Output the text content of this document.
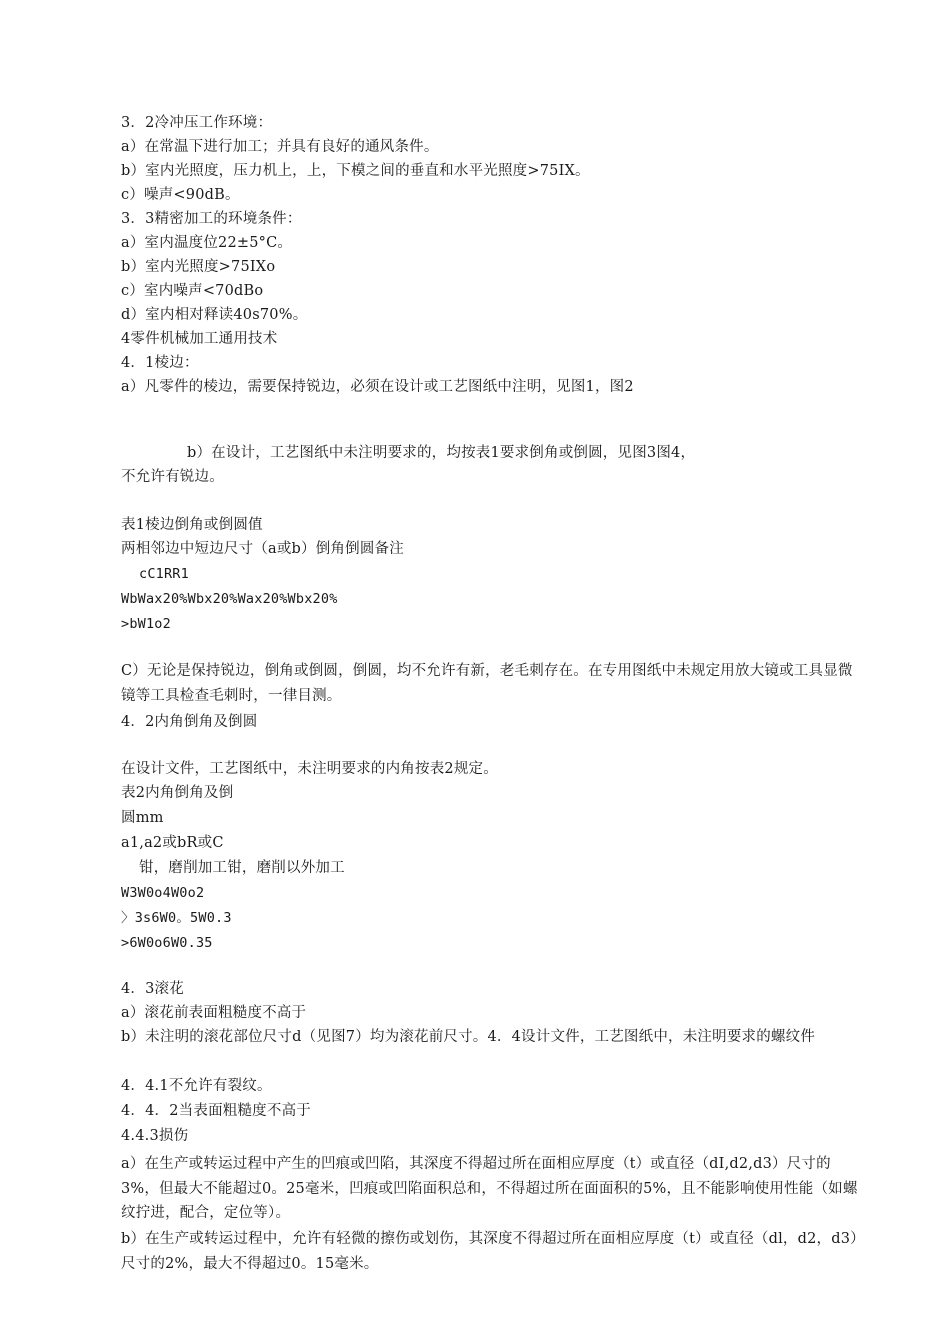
3．2冷冲压工作环境：
a）在常温下进行加工；并具有良好的通风条件。
b）室内光照度，压力机上，上，下模之间的垂直和水平光照度>75IX。
c）噪声<90dB。
3．3精密加工的环境条件：
a）室内温度位22±5°C。
b）室内光照度>75IXo
c）室内噪声<70dBo
d）室内相对释读40s70%。
4零件机械加工通用技术
4．1棱边：
a）凡零件的棱边，需要保持锐边，必须在设计或工艺图纸中注明，见图1，图2
b）在设计，工艺图纸中未注明要求的，均按表1要求倒角或倒圆，见图3图4，
不允许有锐边。
表1棱边倒角或倒圆值
两相邻边中短边尺寸（a或b）倒角倒圆备注
cC1RR1
WbWax20%Wbx20%Wax20%Wbx20%
>bW1o2
C）无论是保持锐边，倒角或倒圆，倒圆，均不允许有新，老毛刺存在。在专用图纸中未规定用放大镜或工具显微镜等工具检查毛刺时，一律目测。
4．2内角倒角及倒圆
在设计文件，工艺图纸中，未注明要求的内角按表2规定。
表2内角倒角及倒
圆mm
a1,a2或bR或C
钳，磨削加工钳，磨削以外加工
W3W0o4W0o2
〉3s6W0。5W0.3
>6W0o6W0.35
4．3滚花
a）滚花前表面粗糙度不高于
b）未注明的滚花部位尺寸d（见图7）均为滚花前尺寸。4．4设计文件，工艺图纸中，未注明要求的螺纹件
4．4.1不允许有裂纹。
4．4．2当表面粗糙度不高于
4.4.3损伤
a）在生产或转运过程中产生的凹痕或凹陷，其深度不得超过所在面相应厚度（t）或直径（dI,d2,d3）尺寸的3%，但最大不能超过0。25毫米，凹痕或凹陷面积总和，不得超过所在面面积的5%，且不能影响使用性能（如螺纹拧进，配合，定位等）。
b）在生产或转运过程中，允许有轻微的擦伤或划伤，其深度不得超过所在面相应厚度（t）或直径（dl，d2，d3）尺寸的2%，最大不得超过0。15毫米。
